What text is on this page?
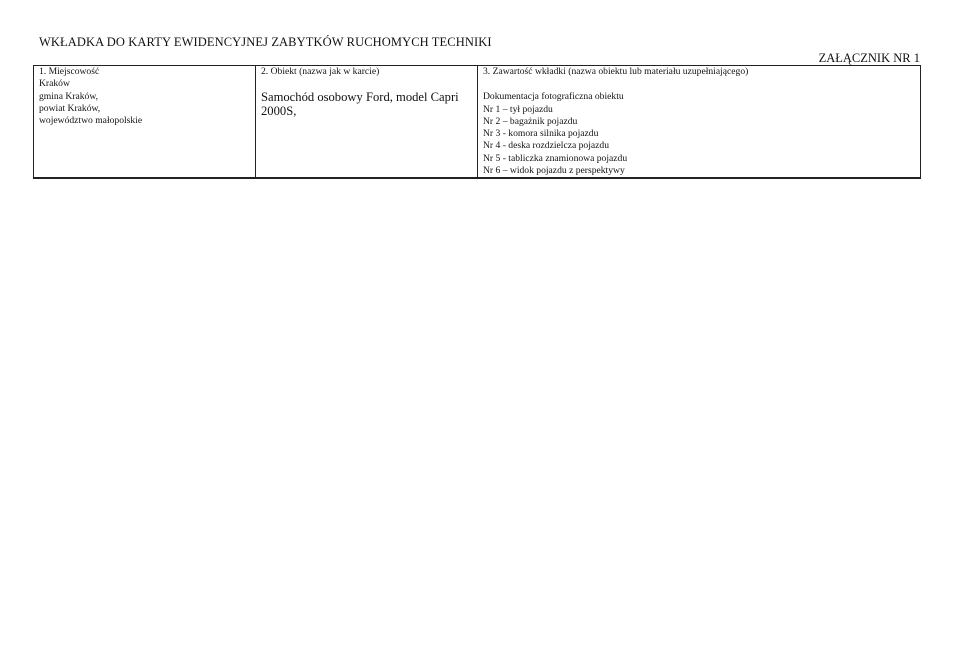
WKŁADKA DO KARTY EWIDENCYJNEJ ZABYTKÓW RUCHOMYCH TECHNIKI
ZAŁĄCZNIK NR 1
1. Miejscowość
Kraków
gmina Kraków,
powiat Kraków,
województwo małopolskie

2. Obiekt (nazwa jak w karcie)
Samochód osobowy Ford, model Capri 2000S,

3. Zawartość wkładki (nazwa obiektu lub materiału uzupełniającego)
Dokumentacja fotograficzna obiektu
Nr 1 – tył pojazdu
Nr 2 – bagażnik pojazdu
Nr 3 - komora silnika pojazdu
Nr 4 - deska rozdzielcza pojazdu
Nr 5 - tabliczka znamionowa pojazdu
Nr 6 – widok pojazdu z perspektywy
